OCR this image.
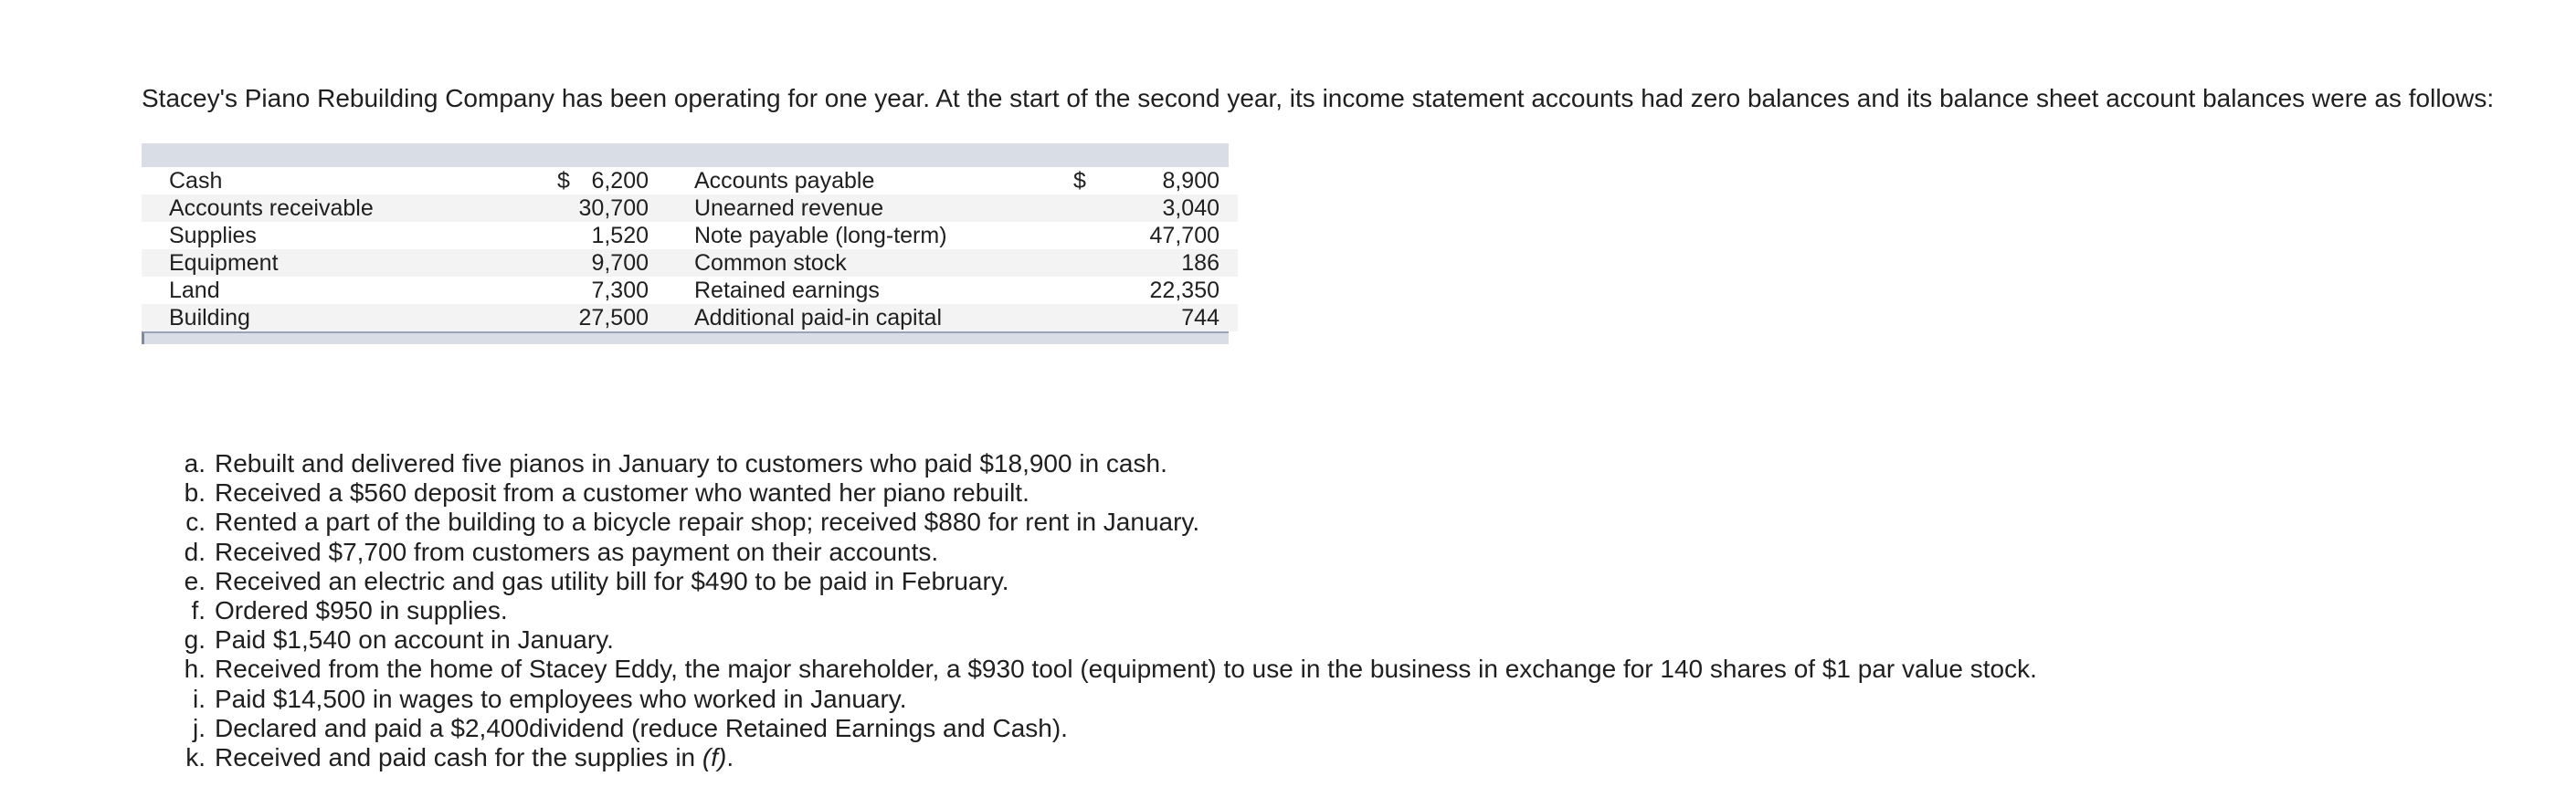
Stacey's Piano Rebuilding Company has been operating for one year. At the start of the second year, its income statement accounts had zero balances and its balance sheet account balances were as follows:
Cash	$	6,200	Accounts payable	$	8,900
Accounts receivable		30,700	Unearned revenue		3,040
Supplies		1,520	Note payable (long-term)		47,700
Equipment		9,700	Common stock		186
Land		7,300	Retained earnings		22,350
Building		27,500	Additional paid-in capital		744
a. Rebuilt and delivered five pianos in January to customers who paid $18,900 in cash.
b. Received a $560 deposit from a customer who wanted her piano rebuilt.
c. Rented a part of the building to a bicycle repair shop; received $880 for rent in January.
d. Received $7,700 from customers as payment on their accounts.
e. Received an electric and gas utility bill for $490 to be paid in February.
f. Ordered $950 in supplies.
g. Paid $1,540 on account in January.
h. Received from the home of Stacey Eddy, the major shareholder, a $930 tool (equipment) to use in the business in exchange for 140 shares of $1 par value stock.
i. Paid $14,500 in wages to employees who worked in January.
j. Declared and paid a $2,400dividend (reduce Retained Earnings and Cash).
k. Received and paid cash for the supplies in (f).
